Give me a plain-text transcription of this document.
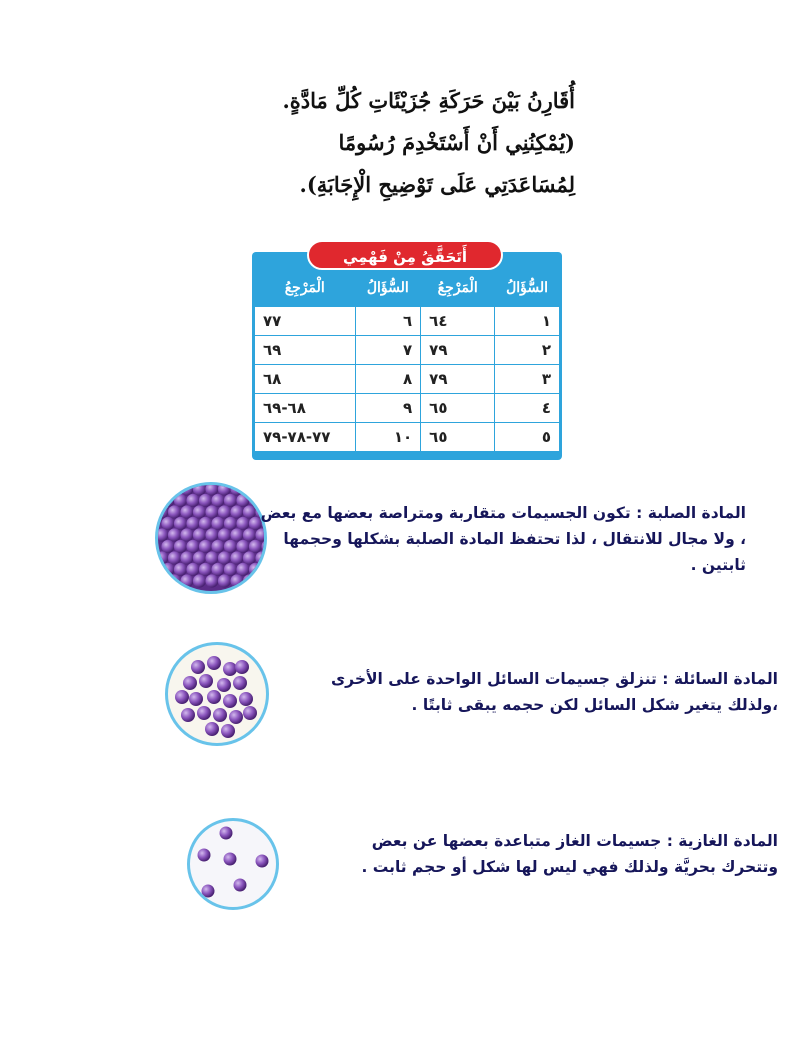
أُقَارِنُ بَيْنَ حَرَكَةِ جُزَيْئَاتِ كُلِّ مَادَّةٍ. (يُمْكِنُنِي أَنْ أَسْتَخْدِمَ رُسُومًا لِمُسَاعَدَتِي عَلَى تَوْضِيحِ الْإِجَابَةِ).
السُّؤَالُ	الْمَرْجِعُ	السُّؤَالُ	الْمَرْجِعُ
١	٦٤	٦	٧٧
٢	٧٩	٧	٦٩
٣	٧٩	٨	٦٨
٤	٦٥	٩	٦٨-٦٩
٥	٦٥	١٠	٧٧-٧٨-٧٩
أَتَحَقَّقُ مِنْ فَهْمِي
المادة الصلبة : تكون الجسيمات متقاربة ومتراصة بعضها مع بعض ، ولا مجال للانتقال ، لذا تحتفظ المادة الصلبة بشكلها وحجمها ثابتين .
المادة السائلة : تنزلق جسيمات السائل الواحدة على الأخرى ،ولذلك يتغير شكل السائل لكن حجمه يبقى ثابتًا .
المادة الغازية : جسيمات الغاز متباعدة بعضها عن بعض وتتحرك بحريَّة ولذلك فهي ليس لها شكل أو حجم ثابت .
